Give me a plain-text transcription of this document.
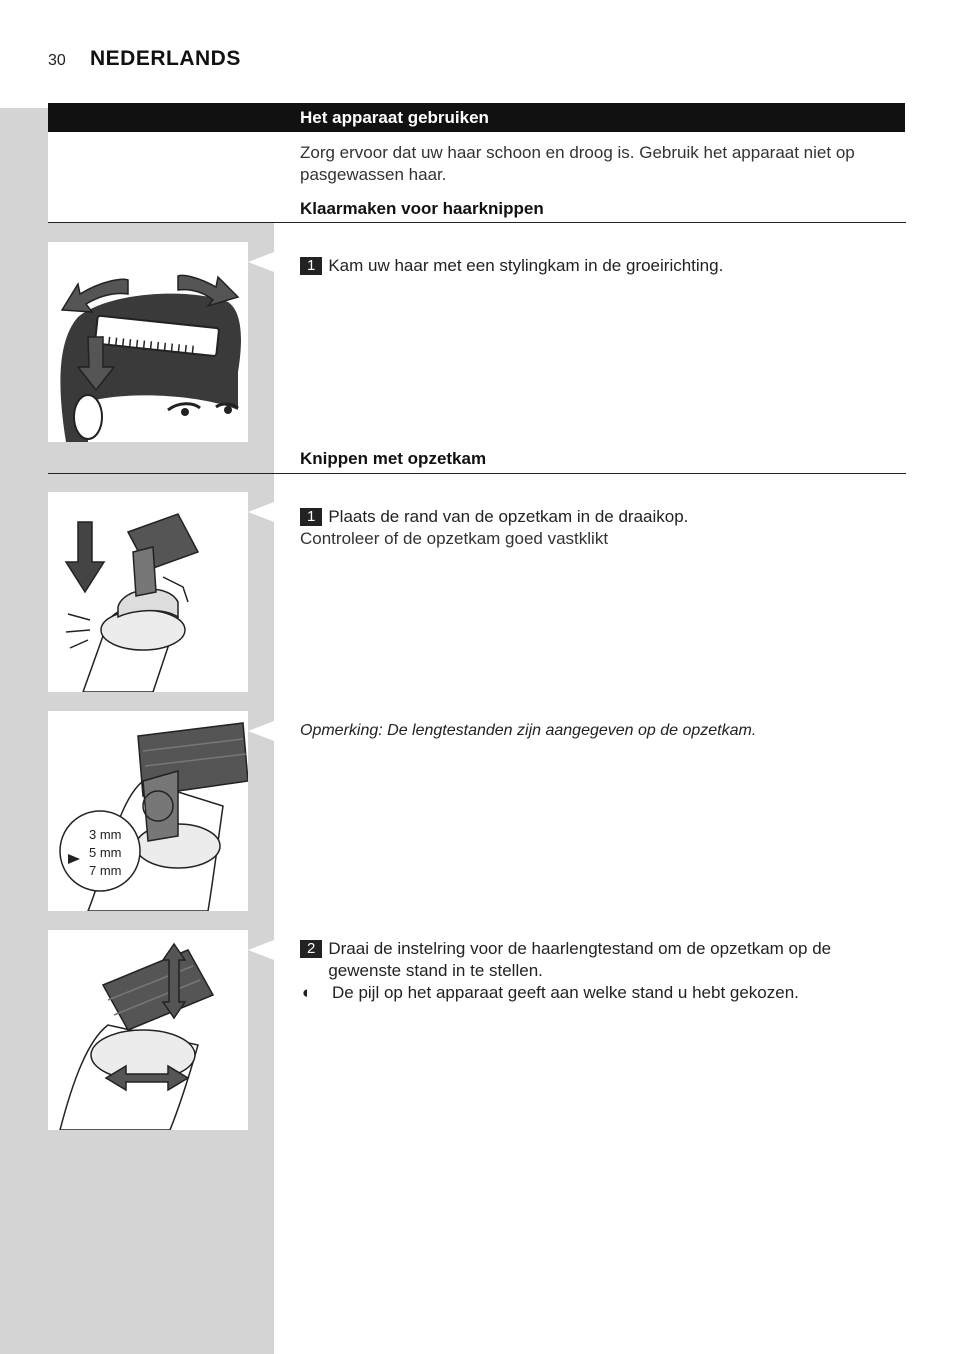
30 NEDERLANDS
Het apparaat gebruiken
Zorg ervoor dat uw haar schoon en droog is. Gebruik het apparaat niet op pasgewassen haar.
Klaarmaken voor haarknippen
1 Kam uw haar met een stylingkam in de groeirichting.
Knippen met opzetkam
1 Plaats de rand van de opzetkam in de draaikop.
Controleer of de opzetkam goed vastklikt
3 mm
5 mm
7 mm
Opmerking: De lengtestanden zijn aangegeven op de opzetkam.
2 Draai de instelring voor de haarlengtestand om de opzetkam op de gewenste stand in te stellen.
◖ De pijl op het apparaat geeft aan welke stand u hebt gekozen.
